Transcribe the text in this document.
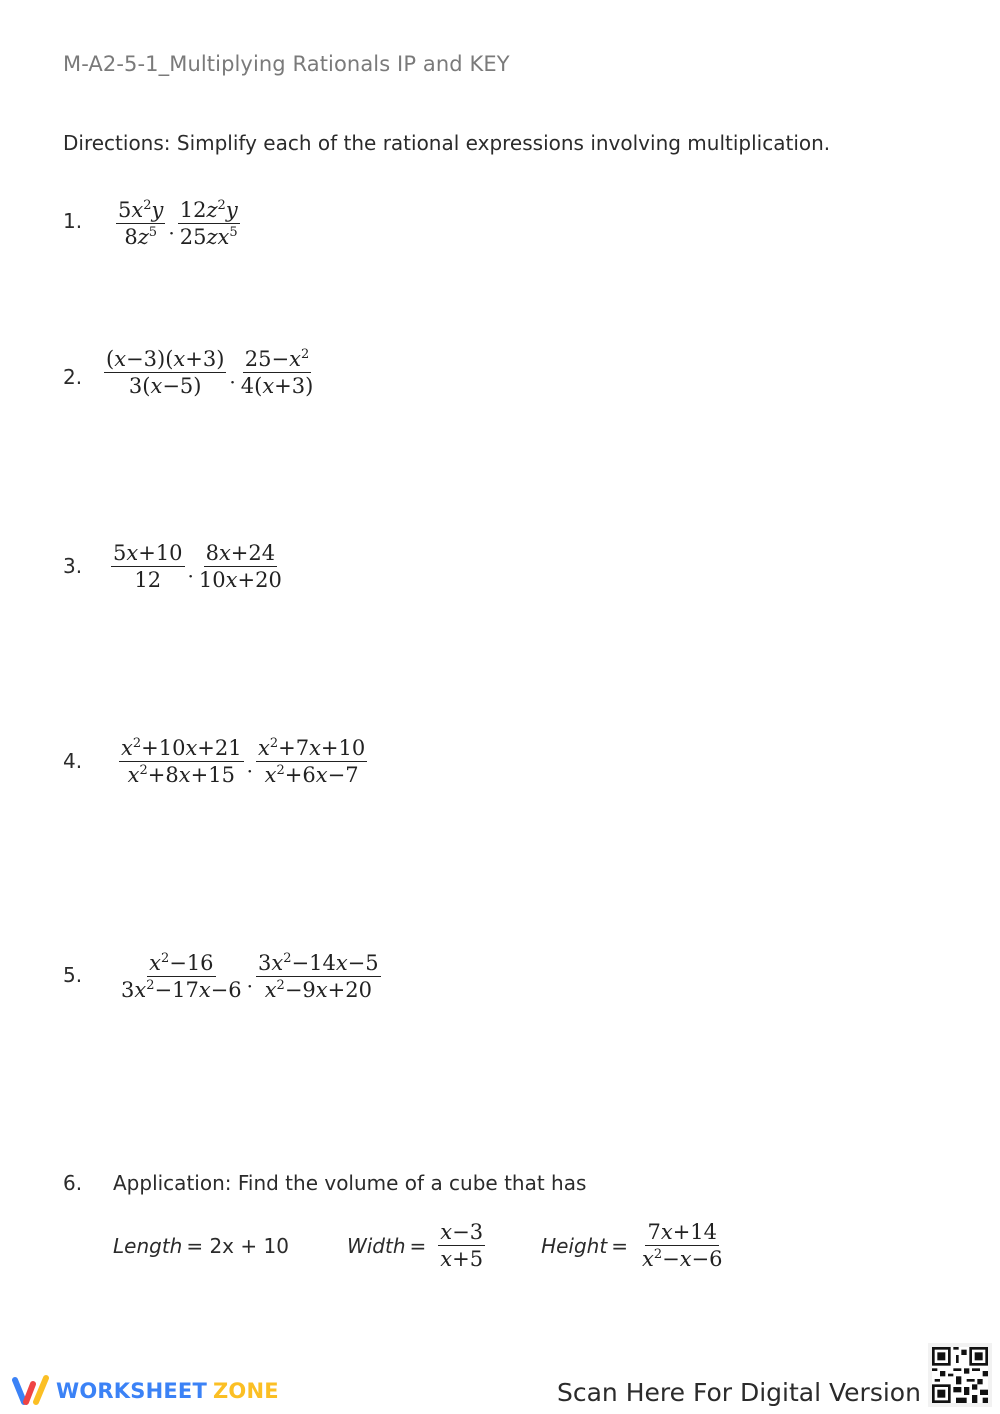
M-A2-5-1_Multiplying Rationals IP and KEY
Directions: Simplify each of the rational expressions involving multiplication.
1. $\frac{5x^2y}{8z^5} \cdot \frac{12z^2y}{25zx^5}$
2. $\frac{(x-3)(x+3)}{3(x-5)} \cdot \frac{25-x^2}{4(x+3)}$
3. $\frac{5x+10}{12} \cdot \frac{8x+24}{10x+20}$
4. $\frac{x^2+10x+21}{x^2+8x+15} \cdot \frac{x^2+7x+10}{x^2+6x-7}$
5. $\frac{x^2-16}{3x^2-17x-6} \cdot \frac{3x^2-14x-5}{x^2-9x+20}$
6. Application: Find the volume of a cube that has
Length = 2x + 10	Width = $\frac{x-3}{x+5}$	Height = $\frac{7x+14}{x^2-x-6}$
WORKSHEET ZONE	Scan Here For Digital Version
